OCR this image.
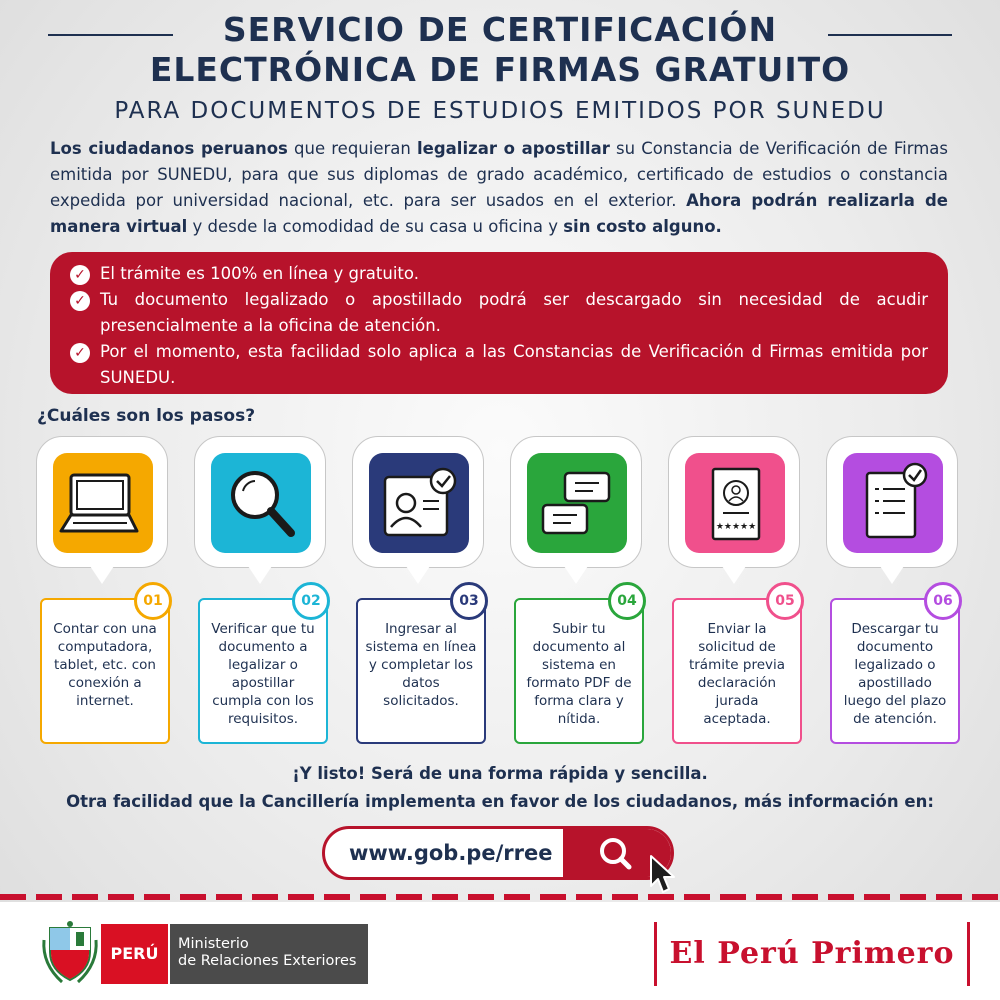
SERVICIO DE CERTIFICACIÓN
ELECTRÓNICA DE FIRMAS GRATUITO
PARA DOCUMENTOS DE ESTUDIOS EMITIDOS POR SUNEDU

Los ciudadanos peruanos que requieran legalizar o apostillar su Constancia de Verificación de Firmas emitida por SUNEDU, para que sus diplomas de grado académico, certificado de estudios o constancia expedida por universidad nacional, etc. para ser usados en el exterior. Ahora podrán realizarla de manera virtual y desde la comodidad de su casa u oficina y sin costo alguno.

✓ El trámite es 100% en línea y gratuito.
✓ Tu documento legalizado o apostillado podrá ser descargado sin necesidad de acudir presencialmente a la oficina de atención.
✓ Por el momento, esta facilidad solo aplica a las Constancias de Verificación d Firmas emitida por SUNEDU.
¿Cuáles son los pasos?
Contar con una computadora, tablet, etc. con conexión a internet.
01
Verificar que tu documento a legalizar o apostillar cumpla con los requisitos.
02
Ingresar al sistema en línea y completar los datos solicitados.
03
Subir tu documento al sistema en formato PDF de forma clara y nítida.
04
★★★★★
Enviar la solicitud de trámite previa declaración jurada aceptada.
05
Descargar tu documento legalizado o apostillado luego del plazo de atención.
06
¡Y listo! Será de una forma rápida y sencilla.
Otra facilidad que la Cancillería implementa en favor de los ciudadanos, más información en:
www.gob.pe/rree
PERÚ	Ministerio
de Relaciones Exteriores	El Perú Primero
